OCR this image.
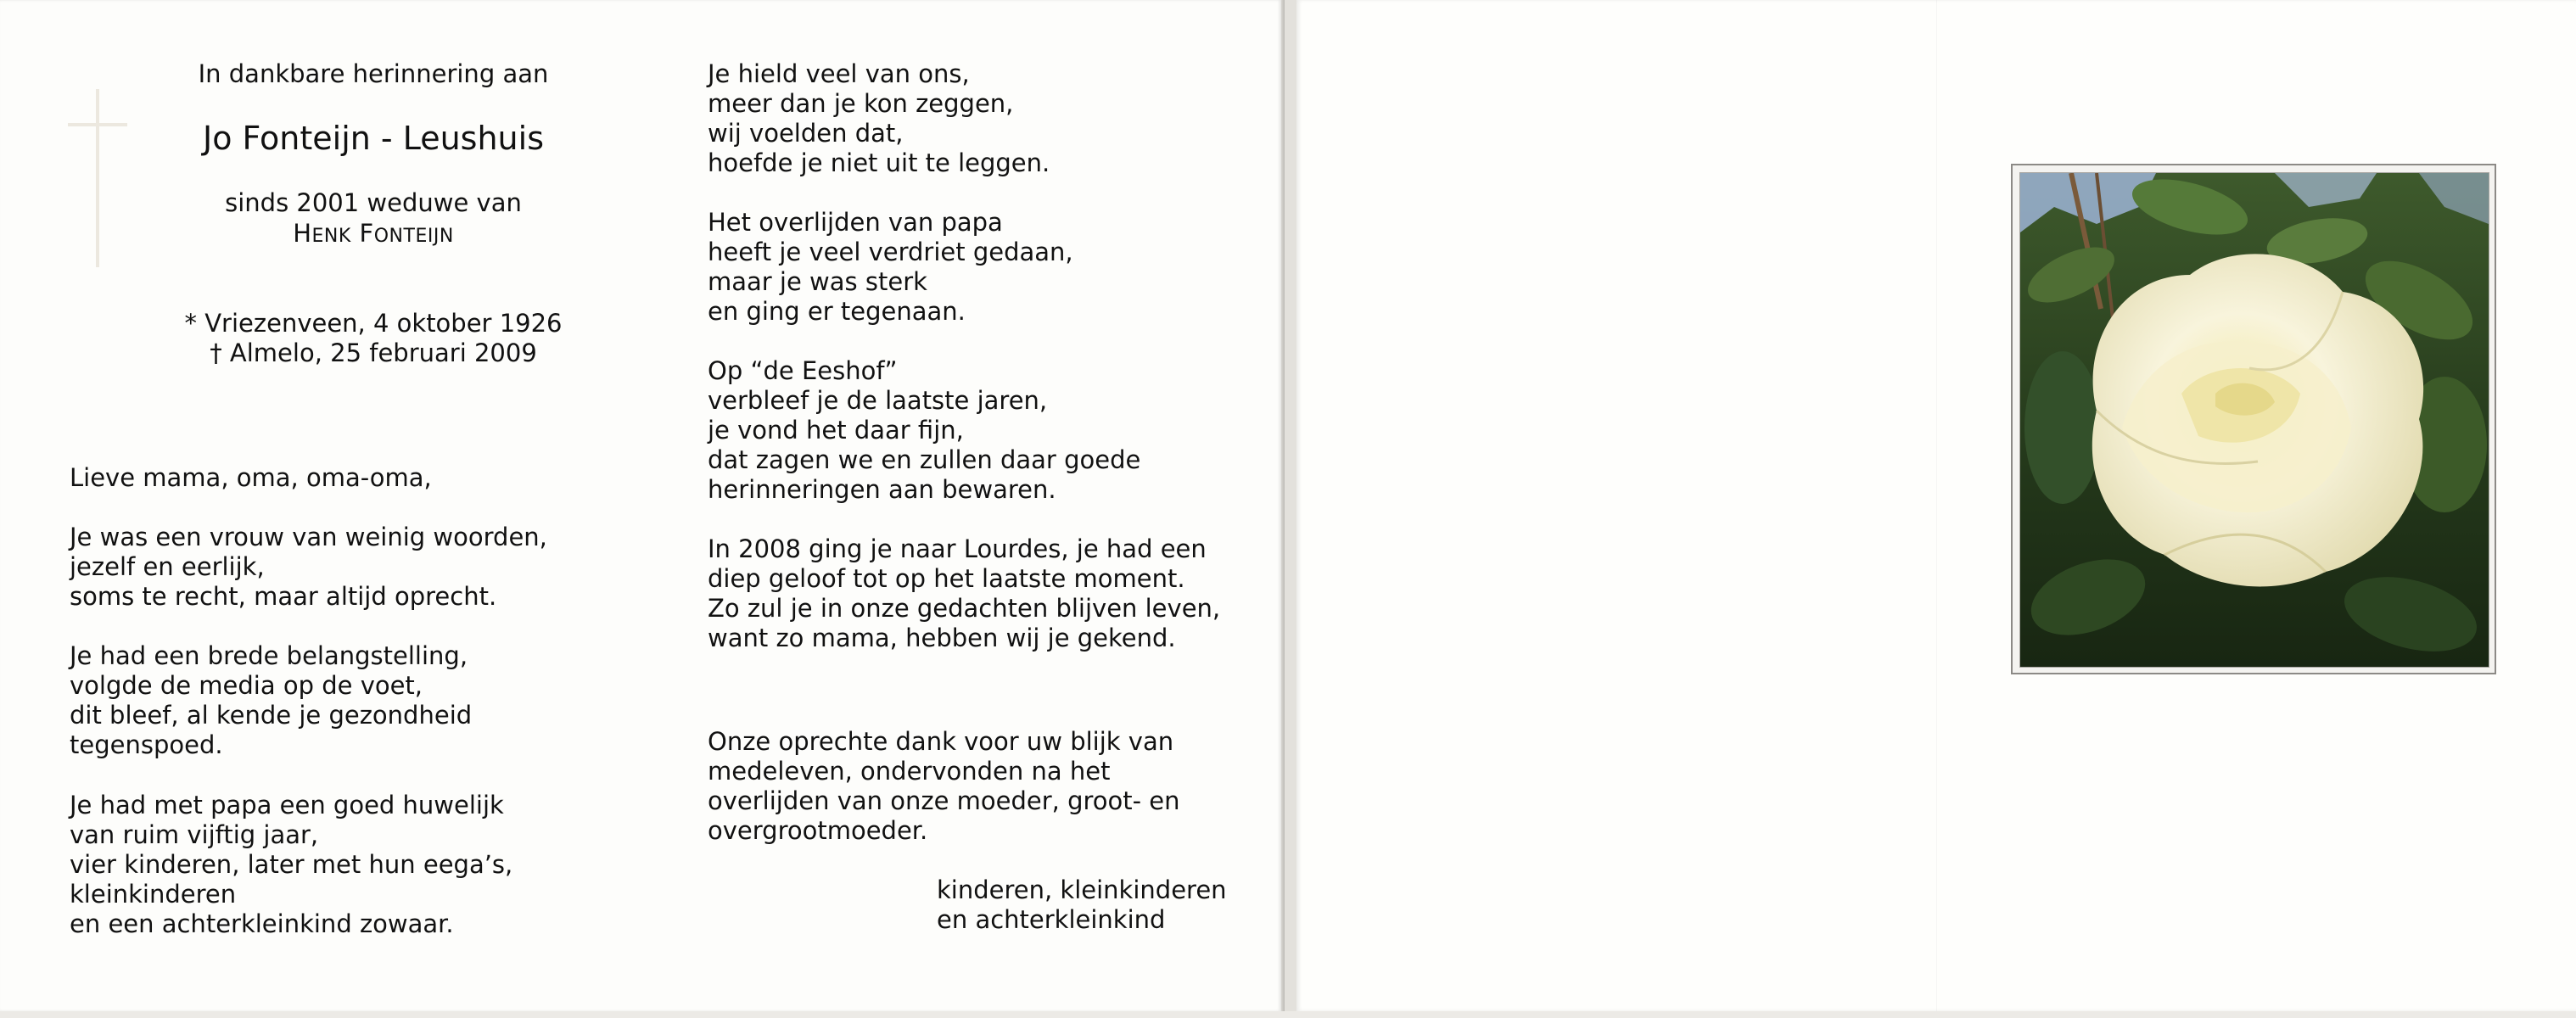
In dankbare herinnering aan
Jo Fonteijn - Leushuis
sinds 2001 weduwe van
HENK FONTEIJN
* Vriezenveen, 4 oktober 1926
† Almelo, 25 februari 2009
Lieve mama, oma, oma-oma,
Je was een vrouw van weinig woorden,
jezelf en eerlijk,
soms te recht, maar altijd oprecht.
Je had een brede belangstelling,
volgde de media op de voet,
dit bleef, al kende je gezondheid
tegenspoed.
Je had met papa een goed huwelijk
van ruim vijftig jaar,
vier kinderen, later met hun eega’s,
kleinkinderen
en een achterkleinkind zowaar.
Je hield veel van ons,
meer dan je kon zeggen,
wij voelden dat,
hoefde je niet uit te leggen.
Het overlijden van papa
heeft je veel verdriet gedaan,
maar je was sterk
en ging er tegenaan.
Op “de Eeshof”
verbleef je de laatste jaren,
je vond het daar fijn,
dat zagen we en zullen daar goede
herinneringen aan bewaren.
In 2008 ging je naar Lourdes, je had een
diep geloof tot op het laatste moment.
Zo zul je in onze gedachten blijven leven,
want zo mama, hebben wij je gekend.
Onze oprechte dank voor uw blijk van
medeleven, ondervonden na het
overlijden van onze moeder, groot- en
overgrootmoeder.
kinderen, kleinkinderen
en achterkleinkind
